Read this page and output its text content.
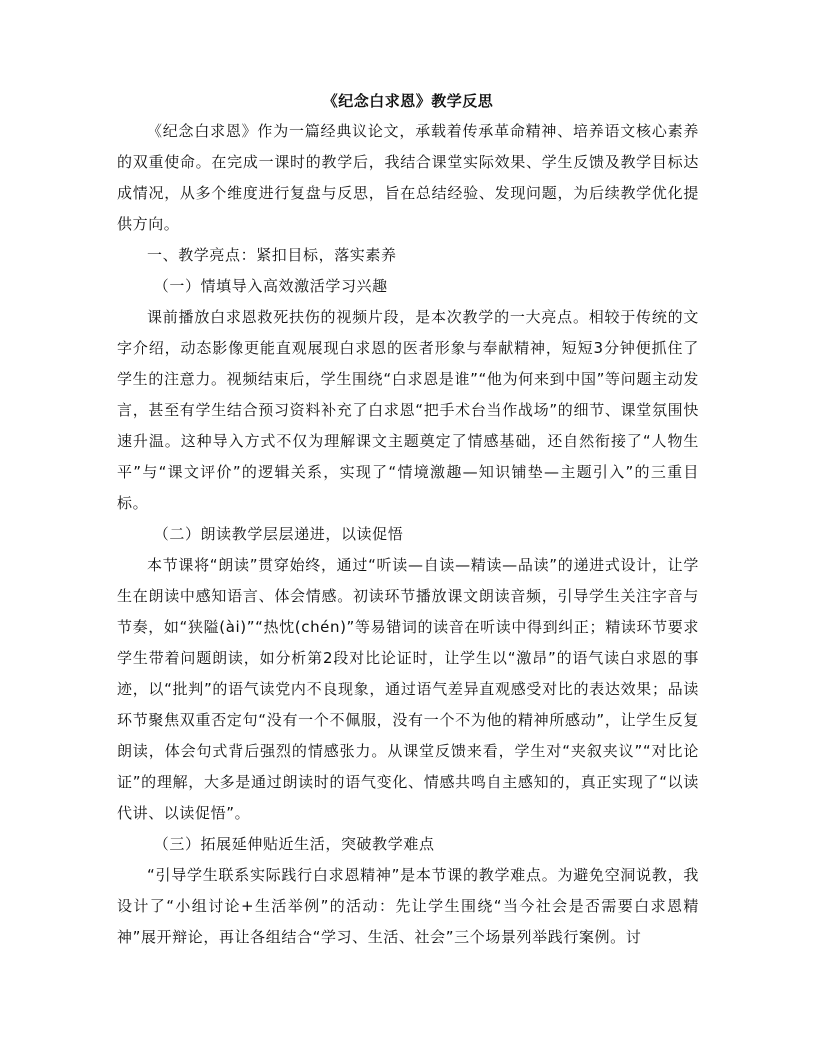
《纪念白求恩》教学反思

《纪念白求恩》作为一篇经典议论文，承载着传承革命精神、培养语文核心素养的双重使命。在完成一课时的教学后，我结合课堂实际效果、学生反馈及教学目标达成情况，从多个维度进行复盘与反思，旨在总结经验、发现问题，为后续教学优化提供方向。

一、教学亮点：紧扣目标，落实素养

（一）情填导入高效激活学习兴趣

课前播放白求恩救死扶伤的视频片段，是本次教学的一大亮点。相较于传统的文字介绍，动态影像更能直观展现白求恩的医者形象与奉献精神，短短3分钟便抓住了学生的注意力。视频结束后，学生围绕“白求恩是谁”“他为何来到中国”等问题主动发言，甚至有学生结合预习资料补充了白求恩“把手术台当作战场”的细节、课堂氛围快速升温。这种导入方式不仅为理解课文主题奠定了情感基础，还自然衔接了“人物生平”与“课文评价”的逻辑关系，实现了“情境激趣—知识铺垫—主题引入”的三重目标。

（二）朗读教学层层递进，以读促悟

本节课将“朗读”贯穿始终，通过“听读—自读—精读—品读”的递进式设计，让学生在朗读中感知语言、体会情感。初读环节播放课文朗读音频，引导学生关注字音与节奏，如“狭隘(ài)”“热忱(chén)”等易错词的读音在听读中得到纠正；精读环节要求学生带着问题朗读，如分析第2段对比论证时，让学生以“激昂”的语气读白求恩的事迹，以“批判”的语气读党内不良现象，通过语气差异直观感受对比的表达效果；品读环节聚焦双重否定句“没有一个不佩服，没有一个不为他的精神所感动”，让学生反复朗读，体会句式背后强烈的情感张力。从课堂反馈来看，学生对“夹叙夹议”“对比论证”的理解，大多是通过朗读时的语气变化、情感共鸣自主感知的，真正实现了“以读代讲、以读促悟”。

（三）拓展延伸贴近生活，突破教学难点

“引导学生联系实际践行白求恩精神”是本节课的教学难点。为避免空洞说教，我设计了“小组讨论+生活举例”的活动：先让学生围绕“当今社会是否需要白求恩精神”展开辩论，再让各组结合“学习、生活、社会”三个场景列举践行案例。讨
